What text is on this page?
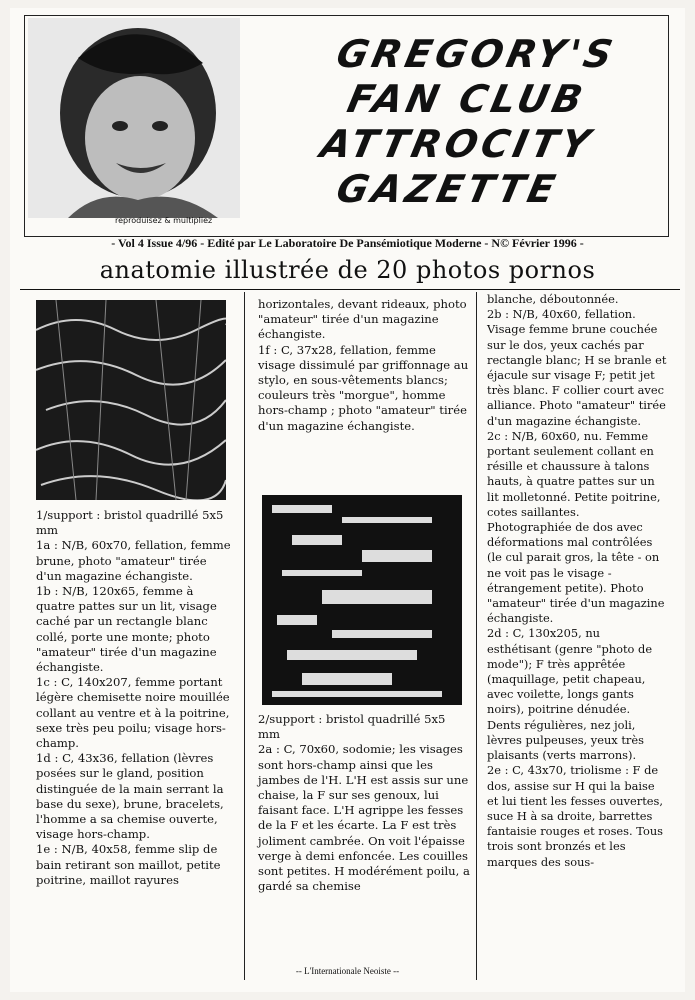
reproduisez & multipliez
GREGORY'S
FAN CLUB
ATTROCITY
GAZETTE
- Vol 4 Issue 4/96 - Edité par Le Laboratoire De Pansémiotique Moderne - N© Février 1996 -
anatomie illustrée de 20 photos pornos

1/support : bristol quadrillé 5x5 mm
1a : N/B, 60x70, fellation, femme brune, photo "amateur" tirée d'un magazine échangiste.
1b : N/B, 120x65, femme à quatre pattes sur un lit, visage caché par un rectangle blanc collé, porte une monte; photo "amateur" tirée d'un magazine échangiste.
1c : C, 140x207, femme portant légère chemisette noire mouillée collant au ventre et à la poitrine, sexe très peu poilu; visage hors-champ.
1d : C, 43x36, fellation (lèvres posées sur le gland, position distinguée de la main serrant la base du sexe), brune, bracelets, l'homme a sa chemise ouverte, visage hors-champ.
1e : N/B, 40x58, femme slip de bain retirant son maillot, petite poitrine, maillot rayures

horizontales, devant rideaux, photo "amateur" tirée d'un magazine échangiste.
1f : C, 37x28, fellation, femme visage dissimulé par griffonnage au stylo, en sous-vêtements blancs; couleurs très "morgue", homme hors-champ ; photo "amateur" tirée d'un magazine échangiste.

2/support : bristol quadrillé 5x5 mm
2a : C, 70x60, sodomie; les visages sont hors-champ ainsi que les jambes de l'H. L'H est assis sur une chaise, la F sur ses genoux, lui faisant face. L'H agrippe les fesses de la F et les écarte. La F est très joliment cambrée. On voit l'épaisse verge à demi enfoncée. Les couilles sont petites. H modérément poilu, a gardé sa chemise

blanche, déboutonnée.
2b : N/B, 40x60, fellation. Visage femme brune couchée sur le dos, yeux cachés par rectangle blanc; H se branle et éjacule sur visage F; petit jet très blanc. F collier court avec alliance. Photo "amateur" tirée d'un magazine échangiste.
2c : N/B, 60x60, nu. Femme portant seulement collant en résille et chaussure à talons hauts, à quatre pattes sur un lit molletonné. Petite poitrine, cotes saillantes. Photographiée de dos avec déformations mal contrôlées (le cul parait gros, la tête - on ne voit pas le visage - étrangement petite). Photo "amateur" tirée d'un magazine échangiste.
2d : C, 130x205, nu esthétisant (genre "photo de mode"); F très apprêtée (maquillage, petit chapeau, avec voilette, longs gants noirs), poitrine dénudée. Dents régulières, nez joli, lèvres pulpeuses, yeux très plaisants (verts marrons).
2e : C, 43x70, triolisme : F de dos, assise sur H qui la baise et lui tient les fesses ouvertes, suce H à sa droite, barrettes fantaisie rouges et roses. Tous trois sont bronzés et les marques des sous-

-- L'Internationale Neoiste --
